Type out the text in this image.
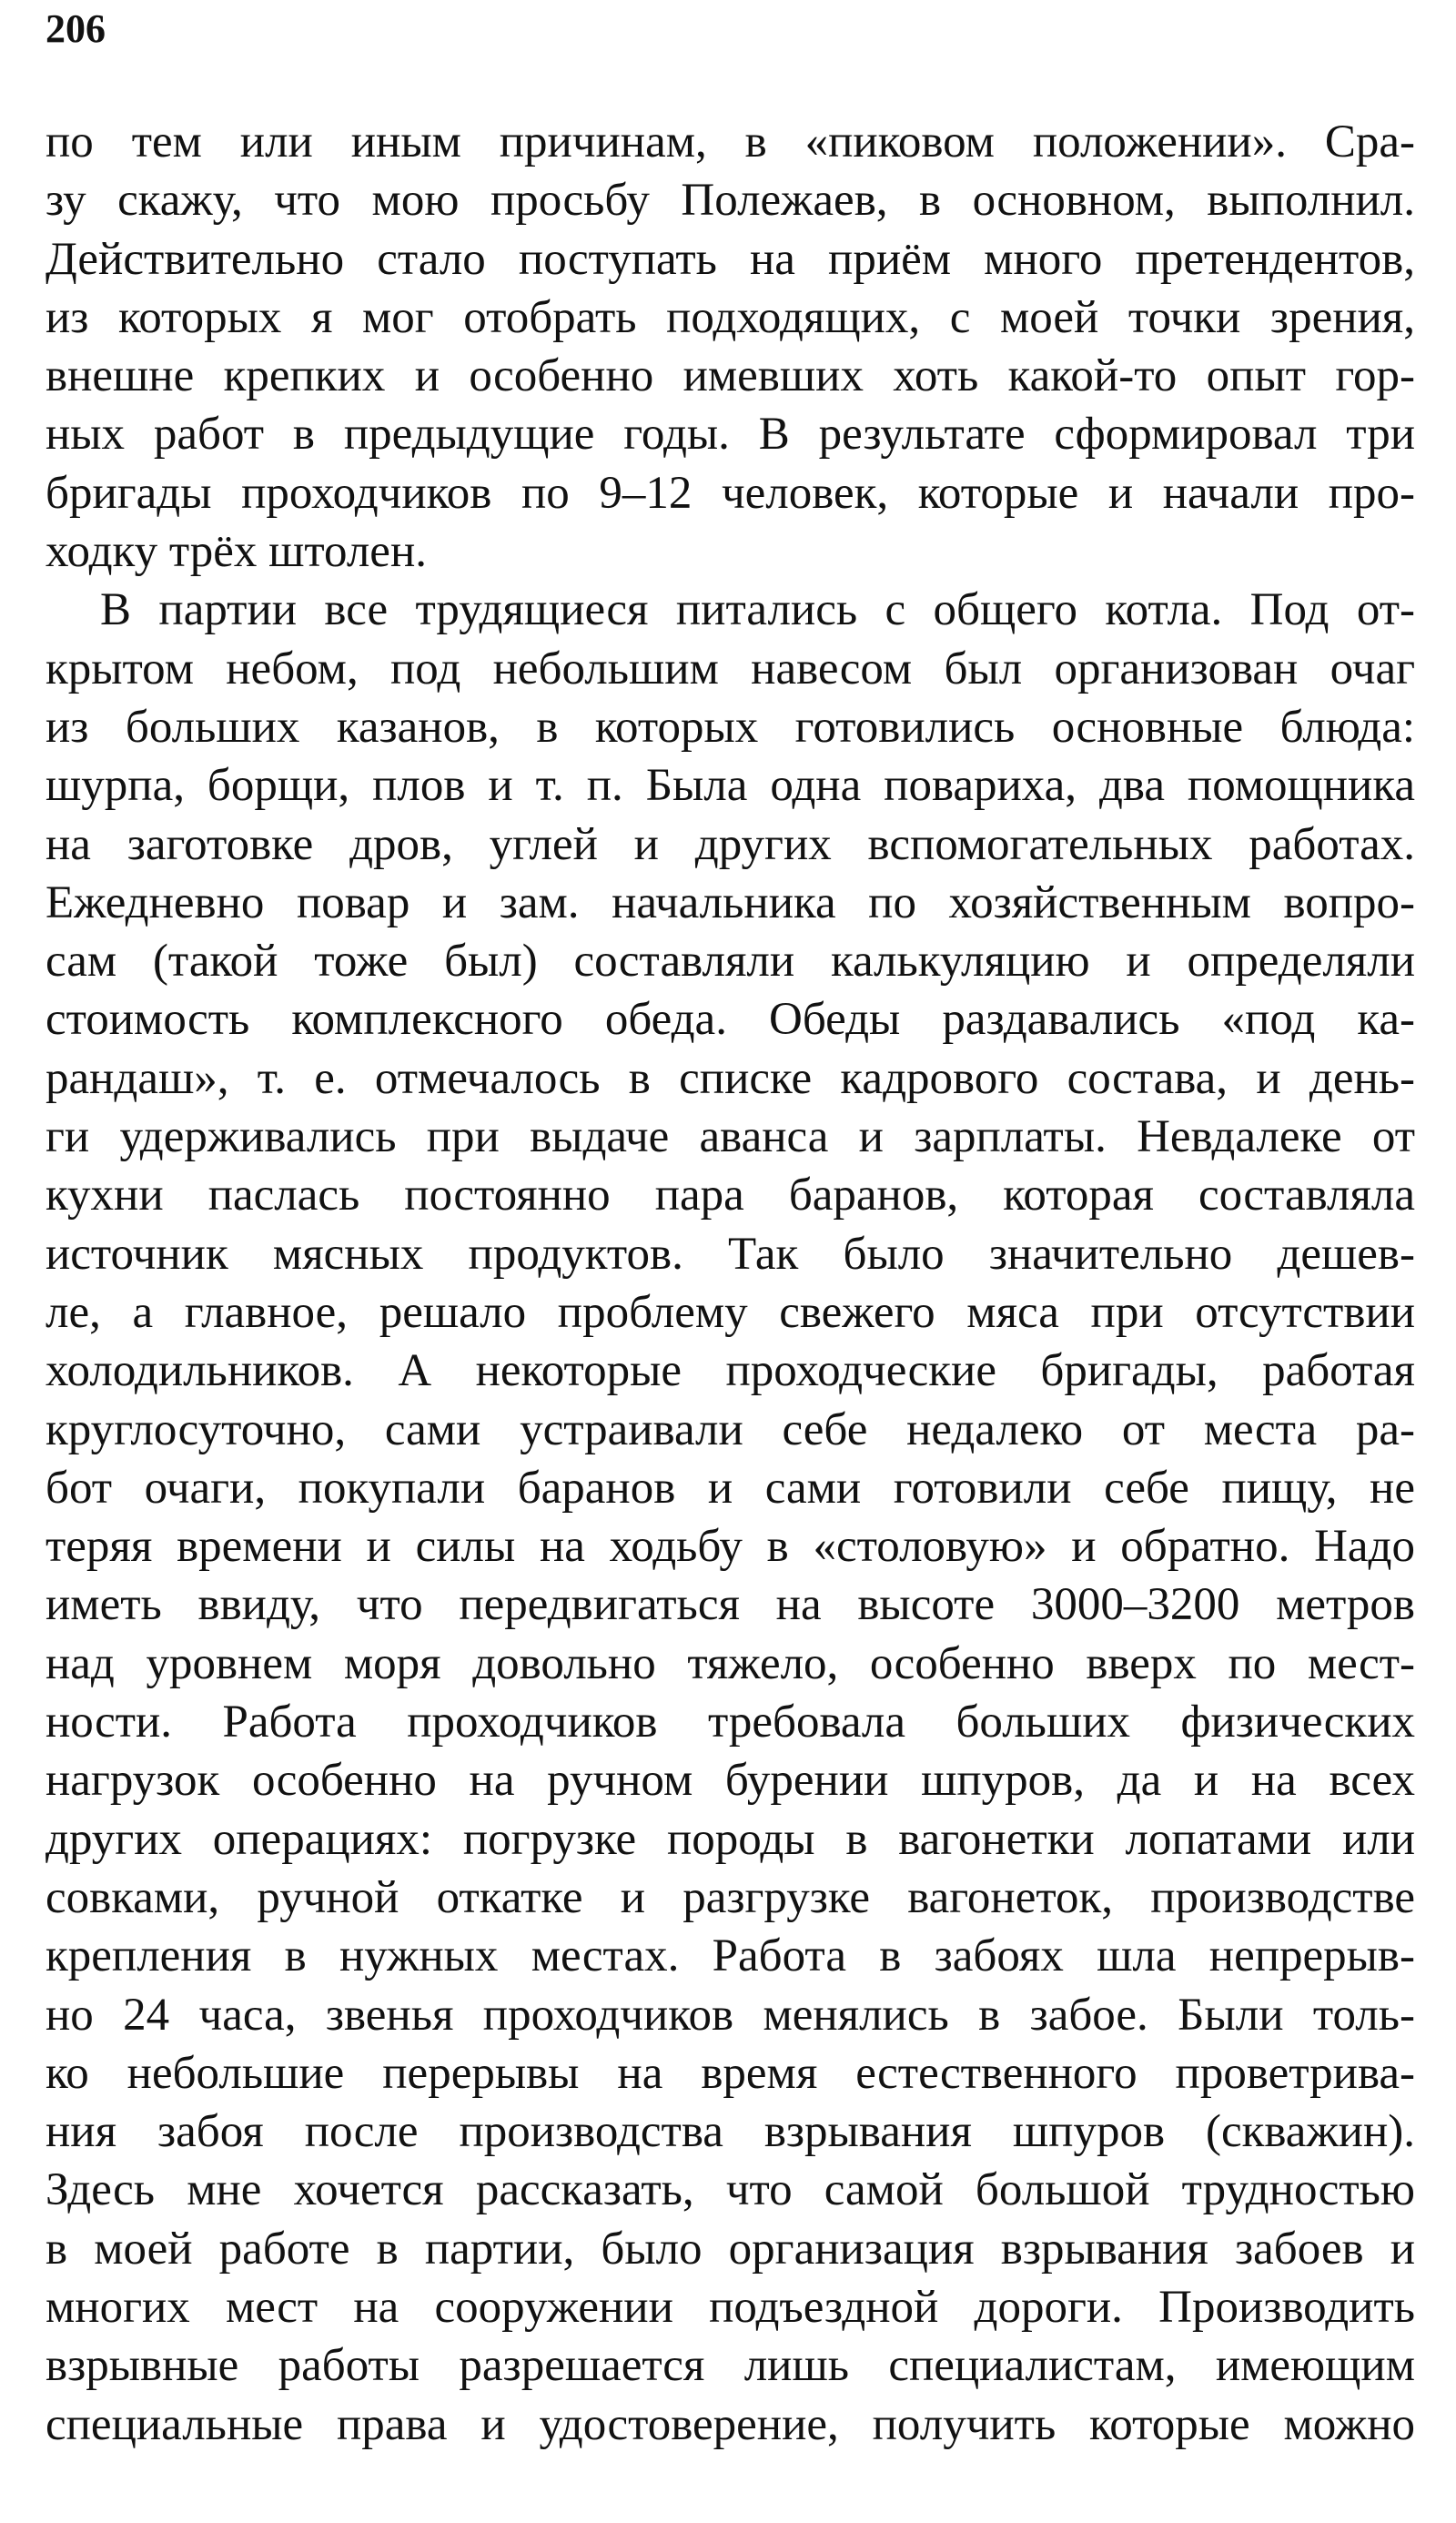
206
по тем или иным причинам, в «пиковом положении». Сра-
зу скажу, что мою просьбу Полежаев, в основном, выполнил.
Действительно стало поступать на приём много претендентов,
из которых я мог отобрать подходящих, с моей точки зрения,
внешне крепких и особенно имевших хоть какой-то опыт гор-
ных работ в предыдущие годы. В результате сформировал три
бригады проходчиков по 9–12 человек, которые и начали про-
ходку трёх штолен.
В партии все трудящиеся питались с общего котла. Под от-
крытом небом, под небольшим навесом был организован очаг
из больших казанов, в которых готовились основные блюда:
шурпа, борщи, плов и т. п. Была одна повариха, два помощника
на заготовке дров, углей и других вспомогательных работах.
Ежедневно повар и зам. начальника по хозяйственным вопро-
сам (такой тоже был) составляли калькуляцию и определяли
стоимость комплексного обеда. Обеды раздавались «под ка-
рандаш», т. е. отмечалось в списке кадрового состава, и день-
ги удерживались при выдаче аванса и зарплаты. Невдалеке от
кухни паслась постоянно пара баранов, которая составляла
источник мясных продуктов. Так было значительно дешев-
ле, а главное, решало проблему свежего мяса при отсутствии
холодильников. А некоторые проходческие бригады, работая
круглосуточно, сами устраивали себе недалеко от места ра-
бот очаги, покупали баранов и сами готовили себе пищу, не
теряя времени и силы на ходьбу в «столовую» и обратно. Надо
иметь ввиду, что передвигаться на высоте 3000–3200 метров
над уровнем моря довольно тяжело, особенно вверх по мест-
ности. Работа проходчиков требовала больших физических
нагрузок особенно на ручном бурении шпуров, да и на всех
других операциях: погрузке породы в вагонетки лопатами или
совками, ручной откатке и разгрузке вагонеток, производстве
крепления в нужных местах. Работа в забоях шла непрерыв-
но 24 часа, звенья проходчиков менялись в забое. Были толь-
ко небольшие перерывы на время естественного проветрива-
ния забоя после производства взрывания шпуров (скважин).
Здесь мне хочется рассказать, что самой большой трудностью
в моей работе в партии, было организация взрывания забоев и
многих мест на сооружении подъездной дороги. Производить
взрывные работы разрешается лишь специалистам, имеющим
специальные права и удостоверение, получить которые можно
